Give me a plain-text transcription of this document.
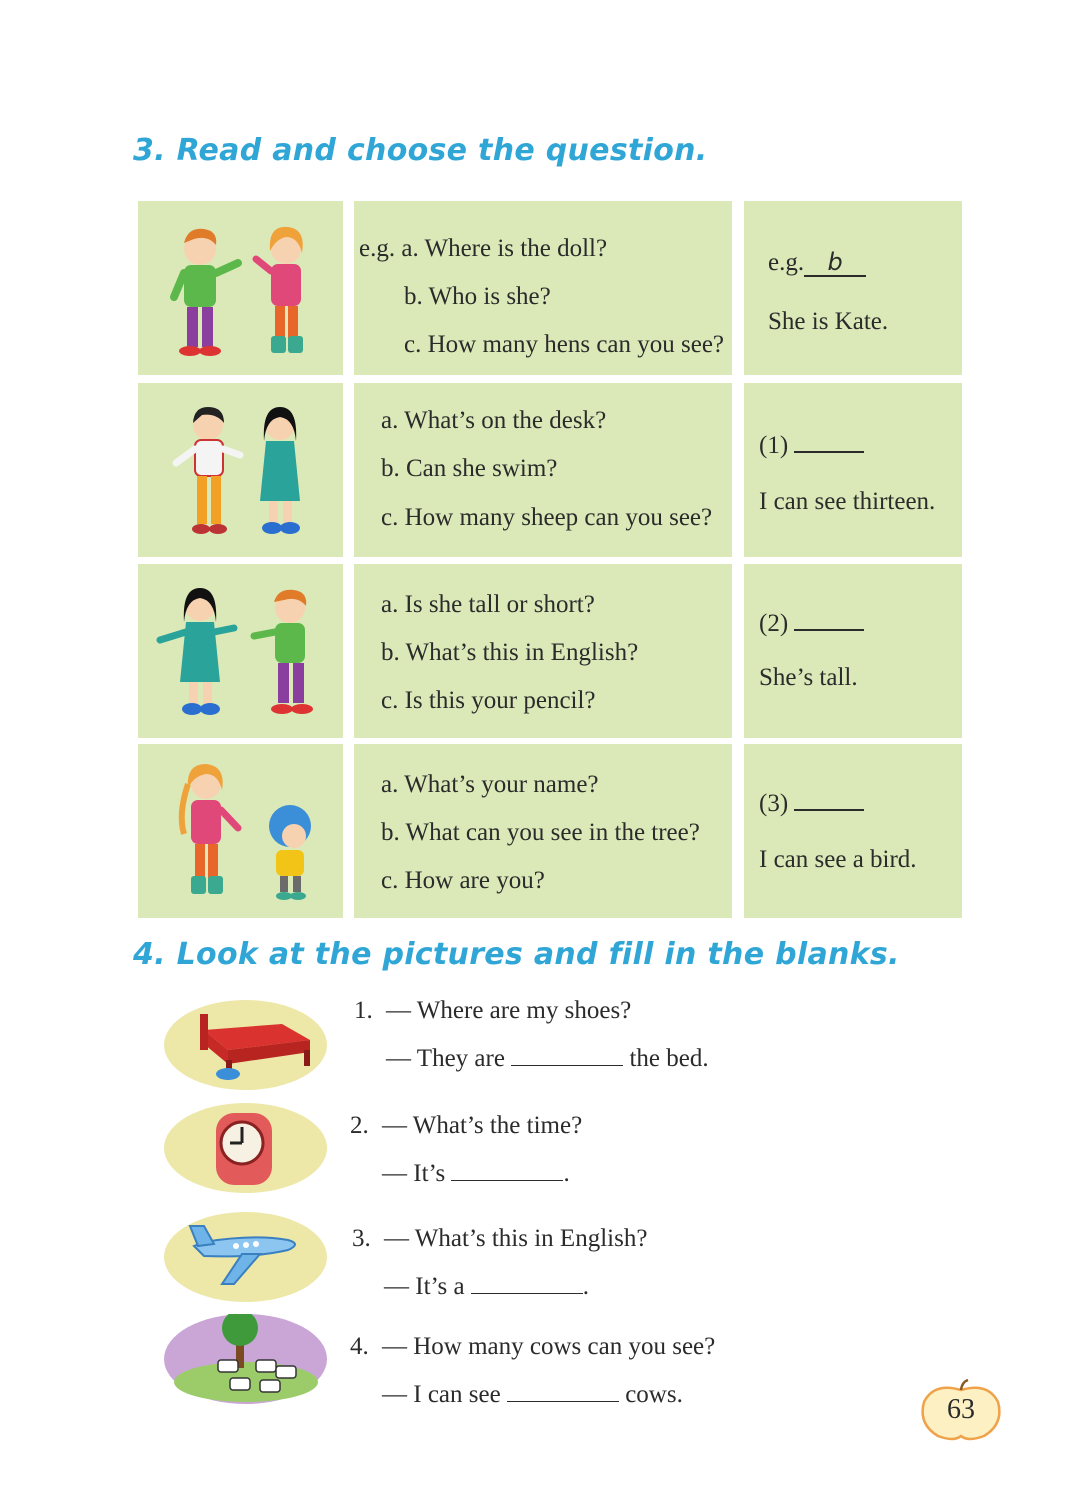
3. Read and choose the question.
e.g. a. Where is the doll?
b. Who is she?
c. How many hens can you see?
e.g. b
She is Kate.
a. What’s on the desk?
b. Can she swim?
c. How many sheep can you see?
(1)
I can see thirteen.
a. Is she tall or short?
b. What’s this in English?
c. Is this your pencil?
(2)
She’s tall.
a. What’s your name?
b. What can you see in the tree?
c. How are you?
(3)
I can see a bird.
4. Look at the pictures and fill in the blanks.
1. — Where are my shoes?
— They are	the bed.
2. — What’s the time?
— It’s	.
3. — What’s this in English?
— It’s a	.
4. — How many cows can you see?
— I can see	cows.	63
